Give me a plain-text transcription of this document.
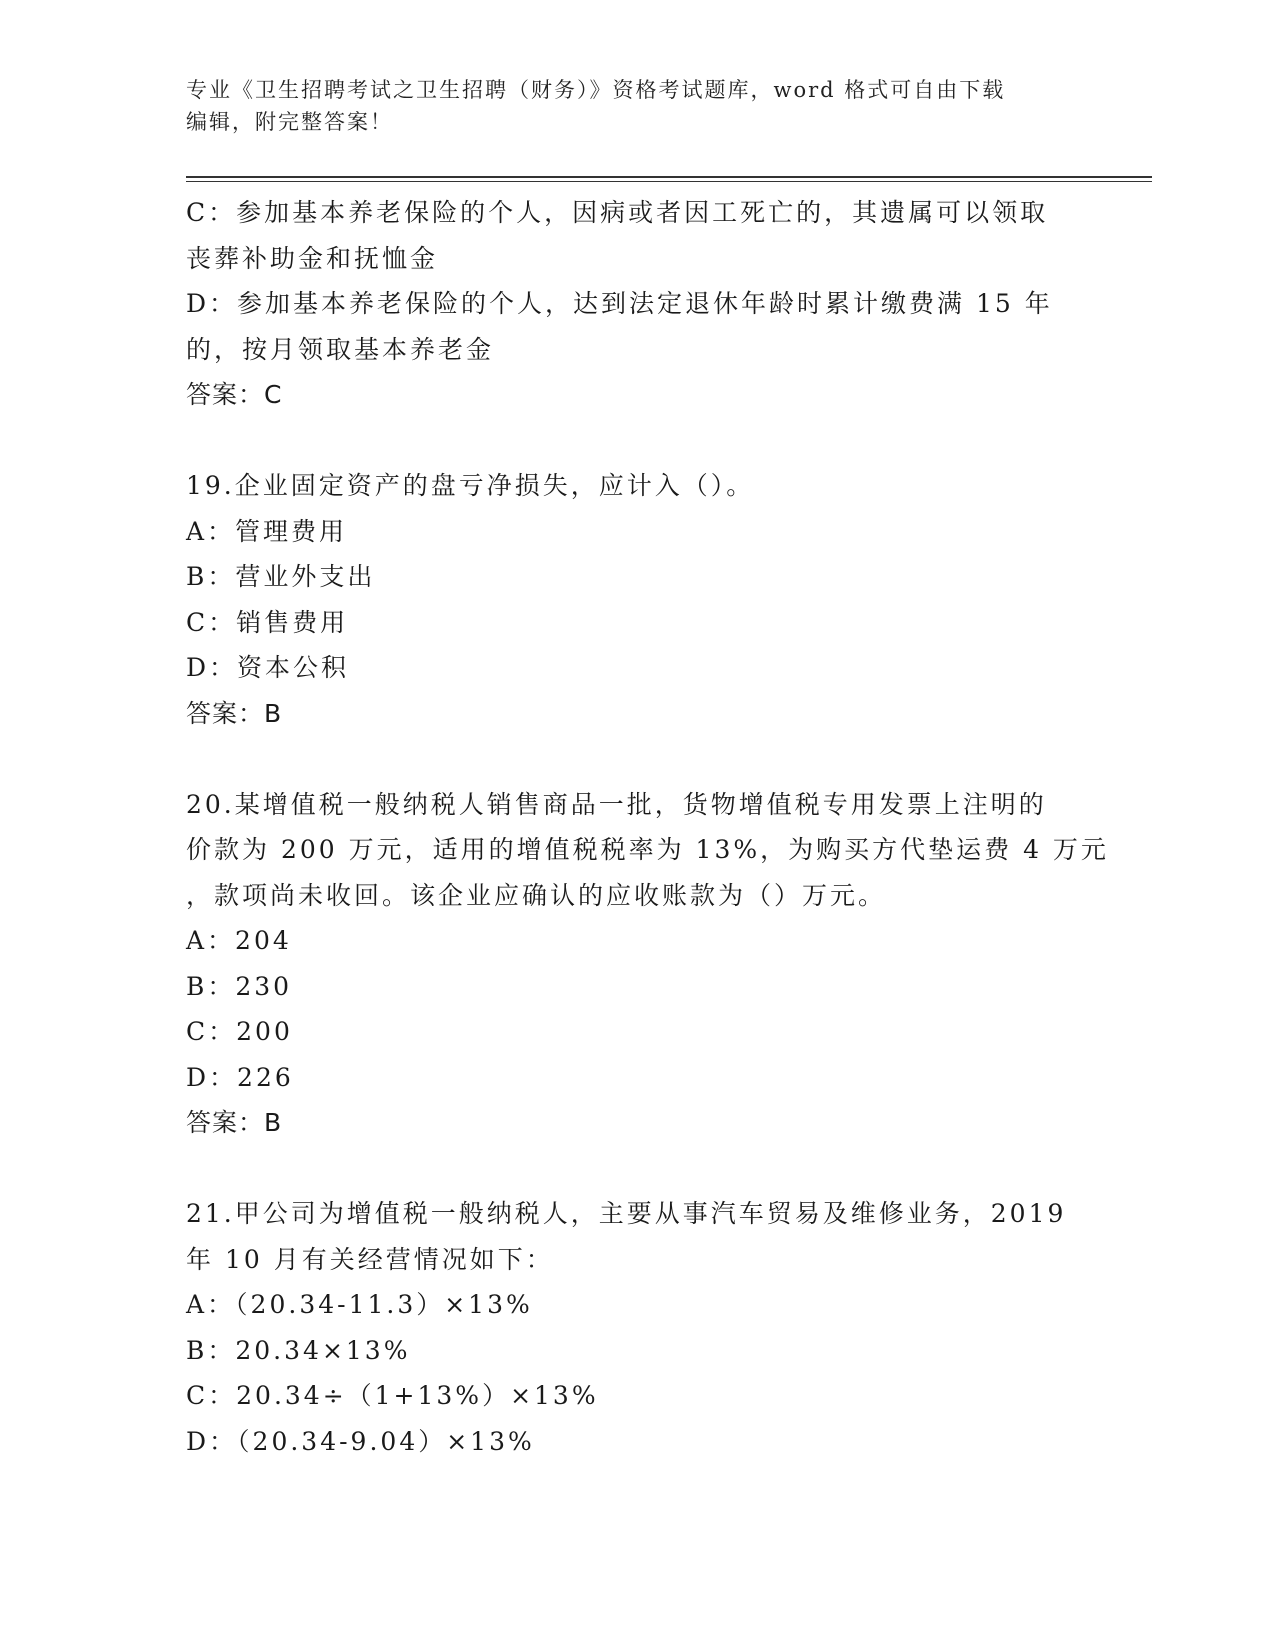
专业《卫生招聘考试之卫生招聘（财务）》资格考试题库，word 格式可自由下载
编辑，附完整答案！
C：参加基本养老保险的个人，因病或者因工死亡的，其遗属可以领取
丧葬补助金和抚恤金
D：参加基本养老保险的个人，达到法定退休年龄时累计缴费满 15 年
的，按月领取基本养老金
答案：C
19.企业固定资产的盘亏净损失，应计入（）。
A：管理费用
B：营业外支出
C：销售费用
D：资本公积
答案：B
20.某增值税一般纳税人销售商品一批，货物增值税专用发票上注明的
价款为 200 万元，适用的增值税税率为 13%，为购买方代垫运费 4 万元
，款项尚未收回。该企业应确认的应收账款为（）万元。
A：204
B：230
C：200
D：226
答案：B
21.甲公司为增值税一般纳税人，主要从事汽车贸易及维修业务，2019
年 10 月有关经营情况如下：
A：（20.34-11.3）×13%
B：20.34×13%
C：20.34÷（1+13%）×13%
D：（20.34-9.04）×13%
